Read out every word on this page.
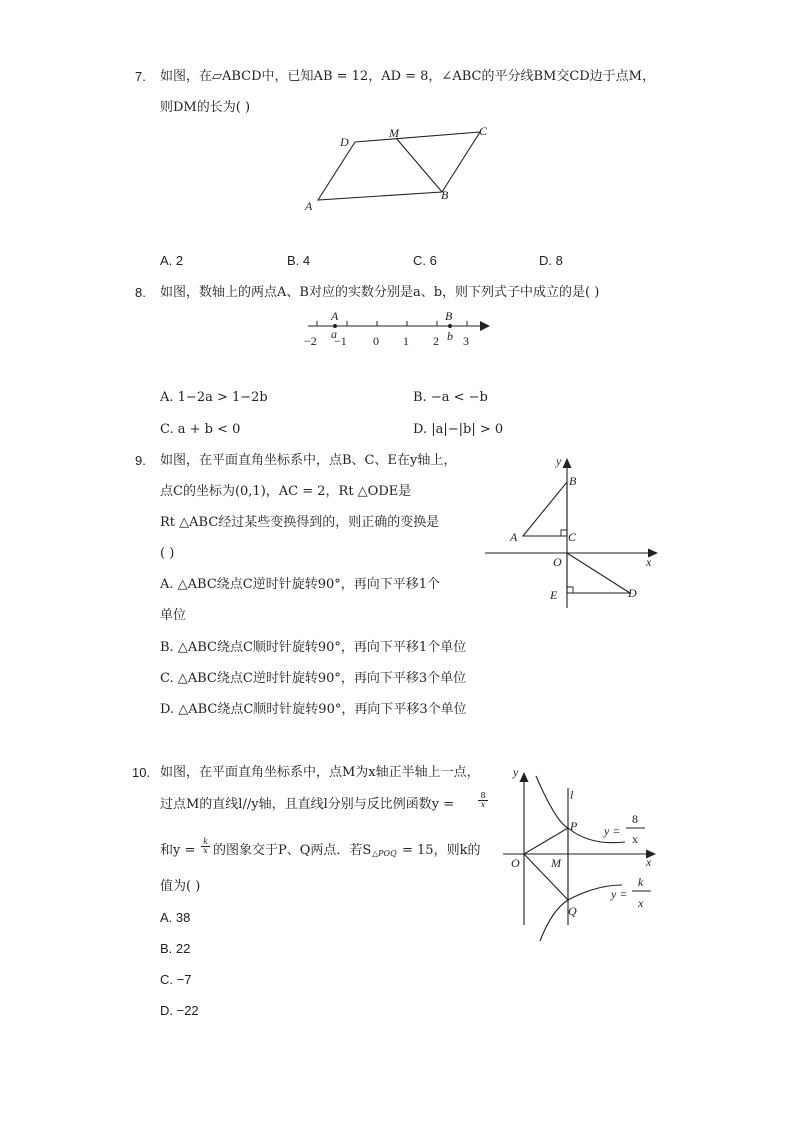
7. 如图，在▱ABCD中，已知AB = 12，AD = 8，∠ABC的平分线BM交CD边于点M，
则DM的长为( )
A
B
C
D
M
A. 2	B. 4	C. 6	D. 8
8. 如图，数轴上的两点A、B对应的实数分别是a、b，则下列式子中成立的是( )
A	B
a	b
−2 −1 0 1 2 3
A. 1−2a > 1−2b	B. −a < −b
C. a + b < 0	D. |a|−|b| > 0
9. 如图，在平面直角坐标系中，点B、C、E在y轴上，
点C的坐标为(0,1)，AC = 2，Rt △ODE是
Rt △ABC经过某些变换得到的，则正确的变换是
( )
y
x
O
A
B
C
D
E
A. △ABC绕点C逆时针旋转90°，再向下平移1个
单位
B. △ABC绕点C顺时针旋转90°，再向下平移1个单位
C. △ABC绕点C逆时针旋转90°，再向下平移3个单位
D. △ABC绕点C顺时针旋转90°，再向下平移3个单位
10. 如图，在平面直角坐标系中，点M为x轴正半轴上一点，
过点M的直线l//y轴，且直线l分别与反比例函数y =	$\frac{8}{x}$
和$y = \frac{k}{x}$ 的图象交于P、Q两点．若S △POQ = 15，则k的
值为( )
y
x
O	M
P
Q
l
y =
8
x
y =
k
x
A. 38
B. 22
C. −7
D. −22
